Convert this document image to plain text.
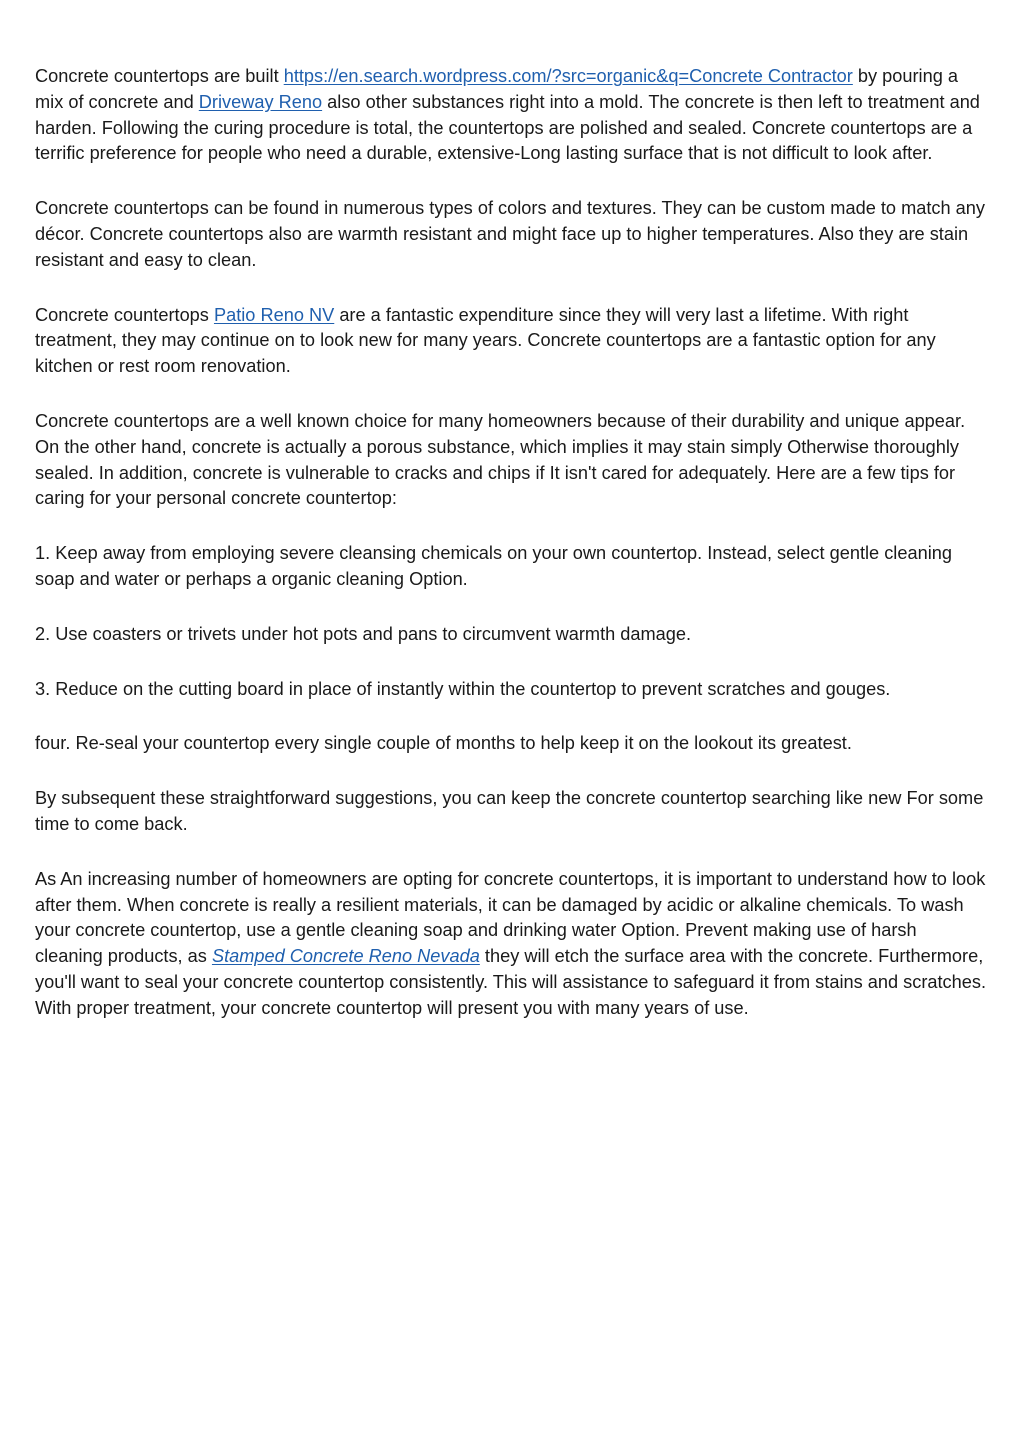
Concrete countertops are built https://en.search.wordpress.com/?src=organic&q=Concrete Contractor by pouring a mix of concrete and Driveway Reno also other substances right into a mold. The concrete is then left to treatment and harden. Following the curing procedure is total, the countertops are polished and sealed. Concrete countertops are a terrific preference for people who need a durable, extensive-Long lasting surface that is not difficult to look after.

Concrete countertops can be found in numerous types of colors and textures. They can be custom made to match any décor. Concrete countertops also are warmth resistant and might face up to higher temperatures. Also they are stain resistant and easy to clean.

Concrete countertops Patio Reno NV are a fantastic expenditure since they will very last a lifetime. With right treatment, they may continue on to look new for many years. Concrete countertops are a fantastic option for any kitchen or rest room renovation.

Concrete countertops are a well known choice for many homeowners because of their durability and unique appear. On the other hand, concrete is actually a porous substance, which implies it may stain simply Otherwise thoroughly sealed. In addition, concrete is vulnerable to cracks and chips if It isn't cared for adequately. Here are a few tips for caring for your personal concrete countertop:

1. Keep away from employing severe cleansing chemicals on your own countertop. Instead, select gentle cleaning soap and water or perhaps a organic cleaning Option.

2. Use coasters or trivets under hot pots and pans to circumvent warmth damage.

3. Reduce on the cutting board in place of instantly within the countertop to prevent scratches and gouges.

four. Re-seal your countertop every single couple of months to help keep it on the lookout its greatest.

By subsequent these straightforward suggestions, you can keep the concrete countertop searching like new For some time to come back.

As An increasing number of homeowners are opting for concrete countertops, it is important to understand how to look after them. When concrete is really a resilient materials, it can be damaged by acidic or alkaline chemicals. To wash your concrete countertop, use a gentle cleaning soap and drinking water Option. Prevent making use of harsh cleaning products, as Stamped Concrete Reno Nevada they will etch the surface area with the concrete. Furthermore, you'll want to seal your concrete countertop consistently. This will assistance to safeguard it from stains and scratches. With proper treatment, your concrete countertop will present you with many years of use.
